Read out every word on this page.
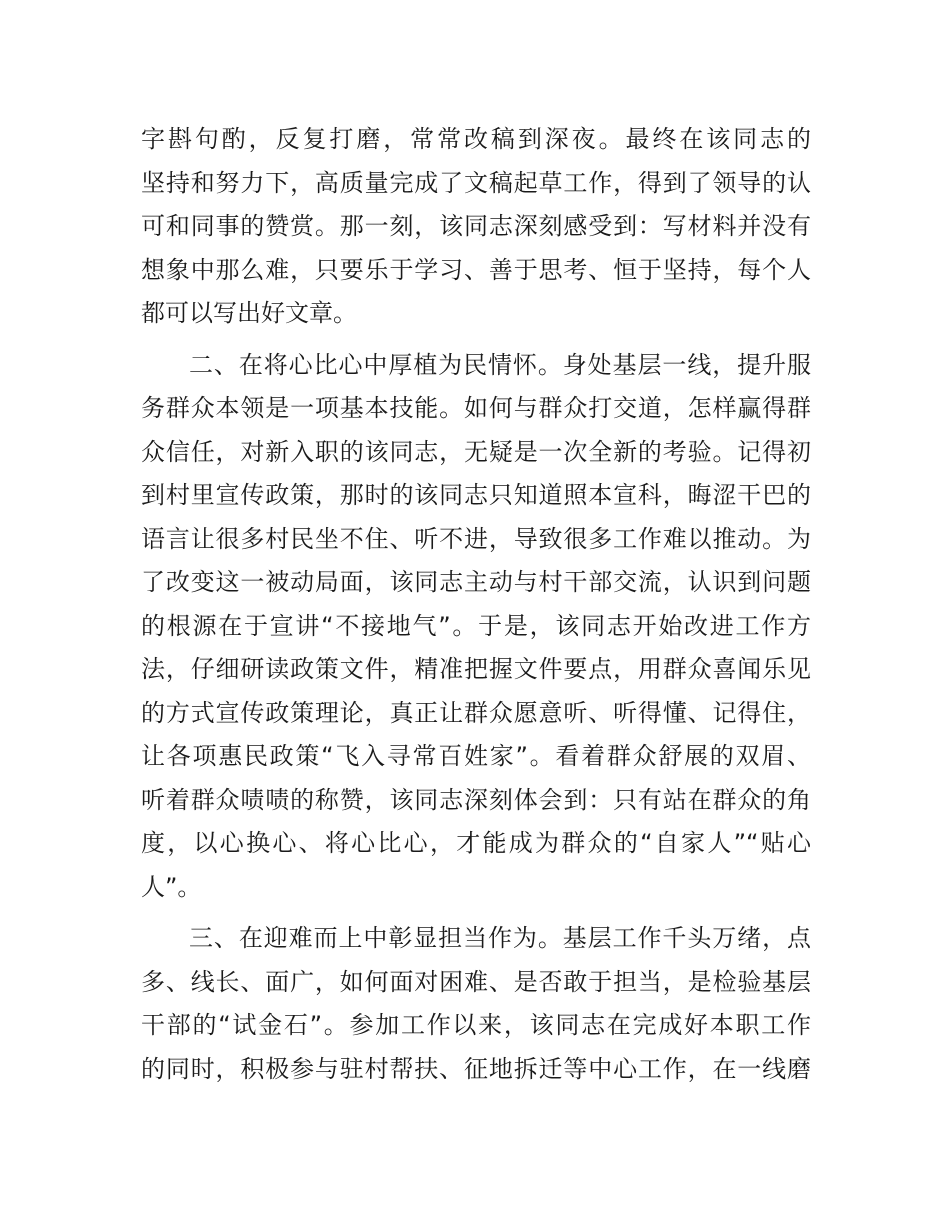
字斟句酌，反复打磨，常常改稿到深夜。最终在该同志的
坚持和努力下，高质量完成了文稿起草工作，得到了领导的认
可和同事的赞赏。那一刻，该同志深刻感受到：写材料并没有
想象中那么难，只要乐于学习、善于思考、恒于坚持，每个人
都可以写出好文章。
二、在将心比心中厚植为民情怀。身处基层一线，提升服
务群众本领是一项基本技能。如何与群众打交道，怎样赢得群
众信任，对新入职的该同志，无疑是一次全新的考验。记得初
到村里宣传政策，那时的该同志只知道照本宣科，晦涩干巴的
语言让很多村民坐不住、听不进，导致很多工作难以推动。为
了改变这一被动局面，该同志主动与村干部交流，认识到问题
的根源在于宣讲“不接地气”。于是，该同志开始改进工作方
法，仔细研读政策文件，精准把握文件要点，用群众喜闻乐见
的方式宣传政策理论，真正让群众愿意听、听得懂、记得住，
让各项惠民政策“飞入寻常百姓家”。看着群众舒展的双眉、
听着群众啧啧的称赞，该同志深刻体会到：只有站在群众的角
度，以心换心、将心比心，才能成为群众的“自家人”“贴心
人”。
三、在迎难而上中彰显担当作为。基层工作千头万绪，点
多、线长、面广，如何面对困难、是否敢于担当，是检验基层
干部的“试金石”。参加工作以来，该同志在完成好本职工作
的同时，积极参与驻村帮扶、征地拆迁等中心工作，在一线磨
